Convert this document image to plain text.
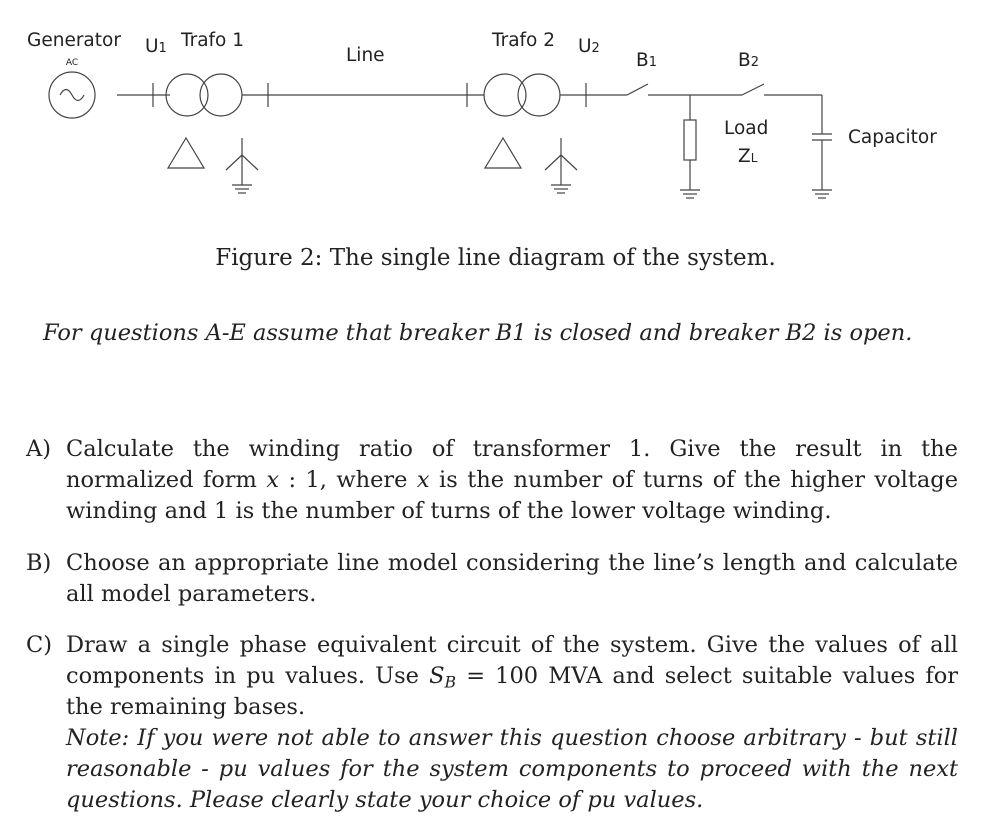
Generator
AC
U1 Trafo 1
Line
Trafo 2 U2
B1	B2
Load
ZL
Capacitor
Figure 2: The single line diagram of the system.
For questions A-E assume that breaker B1 is closed and breaker B2 is open.
A) Calculate the winding ratio of transformer 1. Give the result in the normalized form x : 1, where x is the number of turns of the higher voltage winding and 1 is the number of turns of the lower voltage winding.
B) Choose an appropriate line model considering the line’s length and calculate all model parameters.
C) Draw a single phase equivalent circuit of the system. Give the values of all components in pu values. Use $S_B = 100$ MVA and select suitable values for the remaining bases.
Note: If you were not able to answer this question choose arbitrary - but still reasonable - pu values for the system components to proceed with the next questions. Please clearly state your choice of pu values.
